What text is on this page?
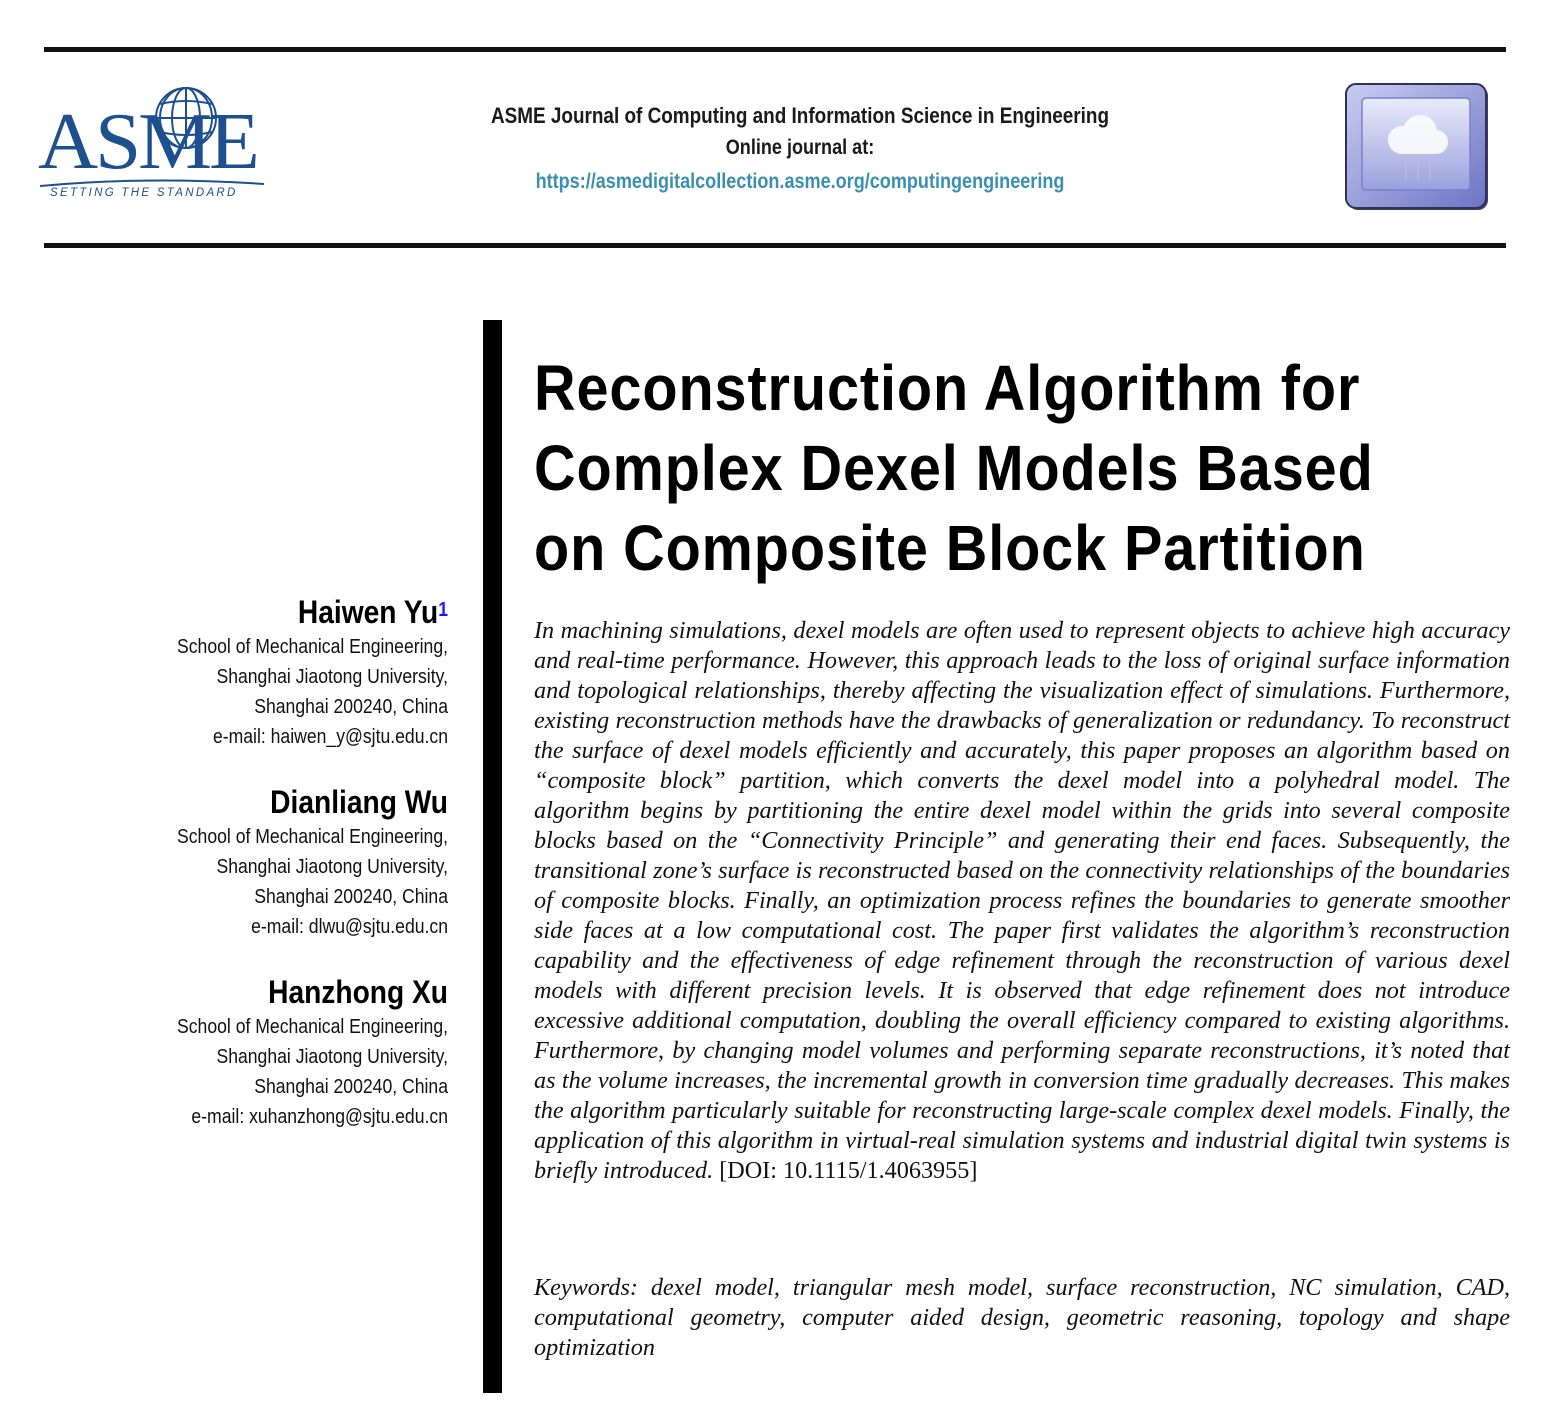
ASME
SETTING THE STANDARD
ASME Journal of Computing and Information Science in Engineering
Online journal at:
https://asmedigitalcollection.asme.org/computingengineering
Reconstruction Algorithm for Complex Dexel Models Based on Composite Block Partition
Haiwen Yu$^1$
School of Mechanical Engineering,
Shanghai Jiaotong University,
Shanghai 200240, China
e-mail: haiwen_y@sjtu.edu.cn
Dianliang Wu
School of Mechanical Engineering,
Shanghai Jiaotong University,
Shanghai 200240, China
e-mail: dlwu@sjtu.edu.cn
Hanzhong Xu
School of Mechanical Engineering,
Shanghai Jiaotong University,
Shanghai 200240, China
e-mail: xuhanzhong@sjtu.edu.cn

In machining simulations, dexel models are often used to represent objects to achieve high accuracy and real-time performance. However, this approach leads to the loss of original surface information and topological relationships, thereby affecting the visualization effect of simulations. Furthermore, existing reconstruction methods have the drawbacks of generalization or redundancy. To reconstruct the surface of dexel models efficiently and accurately, this paper proposes an algorithm based on “composite block” partition, which converts the dexel model into a polyhedral model. The algorithm begins by partitioning the entire dexel model within the grids into several composite blocks based on the “Connectivity Principle” and generating their end faces. Subsequently, the transitional zone’s surface is reconstructed based on the connectivity relationships of the boundaries of composite blocks. Finally, an optimization process refines the boundaries to generate smoother side faces at a low computational cost. The paper first validates the algorithm’s reconstruction capability and the effectiveness of edge refinement through the reconstruction of various dexel models with different precision levels. It is observed that edge refinement does not introduce excessive additional computation, doubling the overall efficiency compared to existing algorithms. Furthermore, by changing model volumes and performing separate reconstructions, it’s noted that as the volume increases, the incremental growth in conversion time gradually decreases. This makes the algorithm particularly suitable for reconstructing large-scale complex dexel models. Finally, the application of this algorithm in virtual-real simulation systems and industrial digital twin systems is briefly introduced. [DOI: 10.1115/1.4063955]

Keywords: dexel model, triangular mesh model, surface reconstruction, NC simulation, CAD, computational geometry, computer aided design, geometric reasoning, topology and shape optimization
